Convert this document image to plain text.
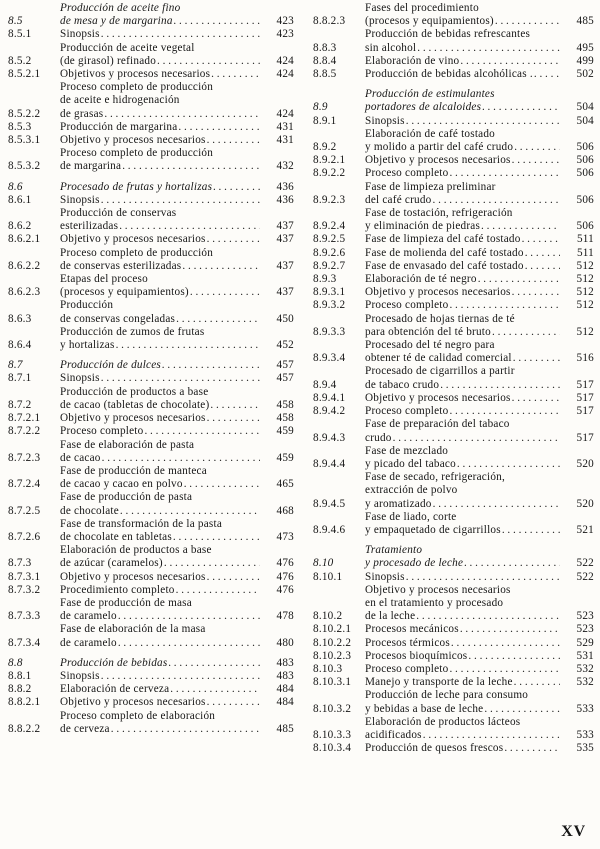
8.5
Producción de aceite fino
de mesa y de margarina . . .	423
8.5.1	Sinopsis . . .	423
8.5.2
Producción de aceite vegetal
(de girasol) refinado . . .	424
8.5.2.1	Objetivos y procesos necesarios . . .	424
8.5.2.2
Proceso completo de producción
de aceite e hidrogenación
de grasas . . .	424
8.5.3	Producción de margarina . . .	431
8.5.3.1	Objetivo y procesos necesarios . . .	431
8.5.3.2
Proceso completo de producción
de margarina . . .	432
8.6	Procesado de frutas y hortalizas . . .	436
8.6.1	Sinopsis . . .	436
8.6.2
Producción de conservas
esterilizadas . . .	437
8.6.2.1	Objetivo y procesos necesarios . . .	437
8.6.2.2
Proceso completo de producción
de conservas esterilizadas . . .	437
8.6.2.3
Etapas del proceso
(procesos y equipamientos) . . .	437
8.6.3
Producción
de conservas congeladas . . .	450
8.6.4
Producción de zumos de frutas
y hortalizas . . .	452
8.7	Producción de dulces . . .	457
8.7.1	Sinopsis . . .	457
8.7.2
Producción de productos a base
de cacao (tabletas de chocolate) . . .	458
8.7.2.1	Objetivo y procesos necesarios . . .	458
8.7.2.2	Proceso completo . . .	459
8.7.2.3
Fase de elaboración de pasta
de cacao . . .	459
8.7.2.4
Fase de producción de manteca
de cacao y cacao en polvo . . .	465
8.7.2.5
Fase de producción de pasta
de chocolate . . .	468
8.7.2.6
Fase de transformación de la pasta
de chocolate en tabletas . . .	473
8.7.3
Elaboración de productos a base
de azúcar (caramelos) . . .	476
8.7.3.1	Objetivo y procesos necesarios . . .	476
8.7.3.2	Procedimiento completo . . .	476
8.7.3.3
Fase de producción de masa
de caramelo . . .	478
8.7.3.4
Fase de elaboración de la masa
de caramelo . . .	480
8.8	Producción de bebidas . . .	483
8.8.1	Sinopsis . . .	483
8.8.2	Elaboración de cerveza . . .	484
8.8.2.1	Objetivo y procesos necesarios . . .	484
8.8.2.2
Proceso completo de elaboración
de cerveza . . .	485
8.8.2.3
Fases del procedimiento
(procesos y equipamientos) . . .	485
8.8.3
Producción de bebidas refrescantes
sin alcohol . . .	495
8.8.4	Elaboración de vino . . .	499
8.8.5	Producción de bebidas alcohólicas . . . .	502
8.9
Producción de estimulantes
portadores de alcaloides . . .	504
8.9.1	Sinopsis . . .	504
8.9.2
Elaboración de café tostado
y molido a partir del café crudo . . .	506
8.9.2.1	Objetivo y procesos necesarios . . .	506
8.9.2.2	Proceso completo . . .	506
8.9.2.3
Fase de limpieza preliminar
del café crudo . . .	506
8.9.2.4
Fase de tostación, refrigeración
y eliminación de piedras . . .	506
8.9.2.5	Fase de limpieza del café tostado . . .	511
8.9.2.6	Fase de molienda del café tostado . . .	511
8.9.2.7	Fase de envasado del café tostado . . .	512
8.9.3	Elaboración de té negro . . .	512
8.9.3.1	Objetivo y procesos necesarios . . .	512
8.9.3.2	Proceso completo . . .	512
8.9.3.3
Procesado de hojas tiernas de té
para obtención del té bruto . . .	512
8.9.3.4
Procesado del té negro para
obtener té de calidad comercial . . .	516
8.9.4
Procesado de cigarrillos a partir
de tabaco crudo . . .	517
8.9.4.1	Objetivo y procesos necesarios . . .	517
8.9.4.2	Proceso completo . . .	517
8.9.4.3
Fase de preparación del tabaco
crudo . . .	517
8.9.4.4
Fase de mezclado
y picado del tabaco . . .	520
8.9.4.5
Fase de secado, refrigeración,
extracción de polvo
y aromatizado . . .	520
8.9.4.6
Fase de liado, corte
y empaquetado de cigarrillos . . .	521
8.10
Tratamiento
y procesado de leche . . .	522
8.10.1	Sinopsis . . .	522
8.10.2
Objetivo y procesos necesarios
en el tratamiento y procesado
de la leche . . .	523
8.10.2.1	Procesos mecánicos . . .	523
8.10.2.2	Procesos térmicos . . .	529
8.10.2.3	Procesos bioquímicos . . .	531
8.10.3	Proceso completo . . .	532
8.10.3.1	Manejo y transporte de la leche . . .	532
8.10.3.2
Producción de leche para consumo
y bebidas a base de leche . . .	533
8.10.3.3
Elaboración de productos lácteos
acidificados . . .	533
8.10.3.4	Producción de quesos frescos . . .	535
XV
